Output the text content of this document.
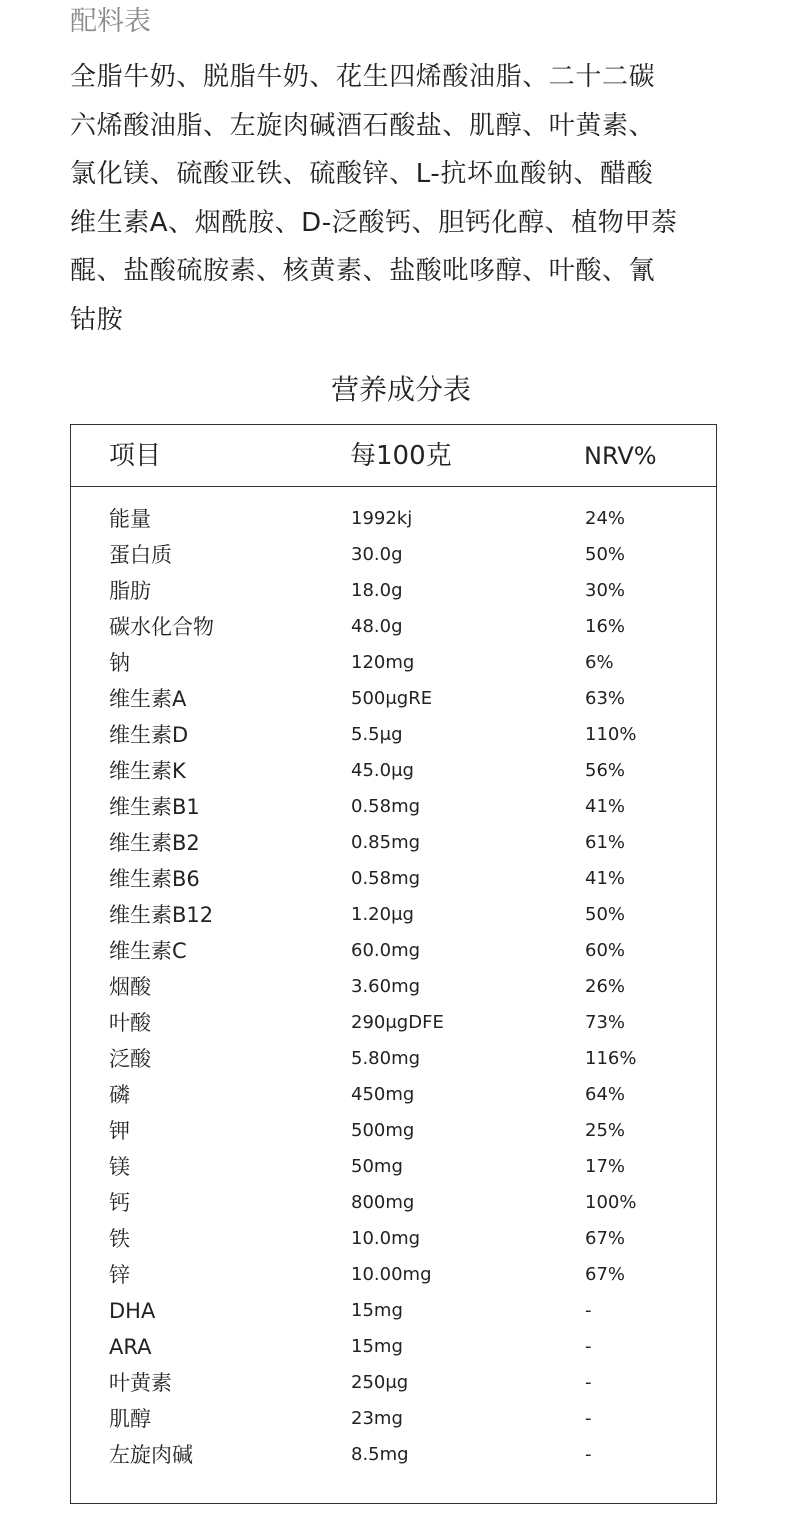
配料表

全脂牛奶、脱脂牛奶、花生四烯酸油脂、二十二碳
六烯酸油脂、左旋肉碱酒石酸盐、肌醇、叶黄素、
氯化镁、硫酸亚铁、硫酸锌、L-抗坏血酸钠、醋酸
维生素A、烟酰胺、D-泛酸钙、胆钙化醇、植物甲萘
醌、盐酸硫胺素、核黄素、盐酸吡哆醇、叶酸、氰
钴胺

营养成分表
项目	每100克	NRV%
能量	1992kj	24%
蛋白质	30.0g	50%
脂肪	18.0g	30%
碳水化合物	48.0g	16%
钠	120mg	6%
维生素A	500μgRE	63%
维生素D	5.5μg	110%
维生素K	45.0μg	56%
维生素B1	0.58mg	41%
维生素B2	0.85mg	61%
维生素B6	0.58mg	41%
维生素B12	1.20μg	50%
维生素C	60.0mg	60%
烟酸	3.60mg	26%
叶酸	290μgDFE	73%
泛酸	5.80mg	116%
磷	450mg	64%
钾	500mg	25%
镁	50mg	17%
钙	800mg	100%
铁	10.0mg	67%
锌	10.00mg	67%
DHA	15mg	-
ARA	15mg	-
叶黄素	250μg	-
肌醇	23mg	-
左旋肉碱	8.5mg	-
